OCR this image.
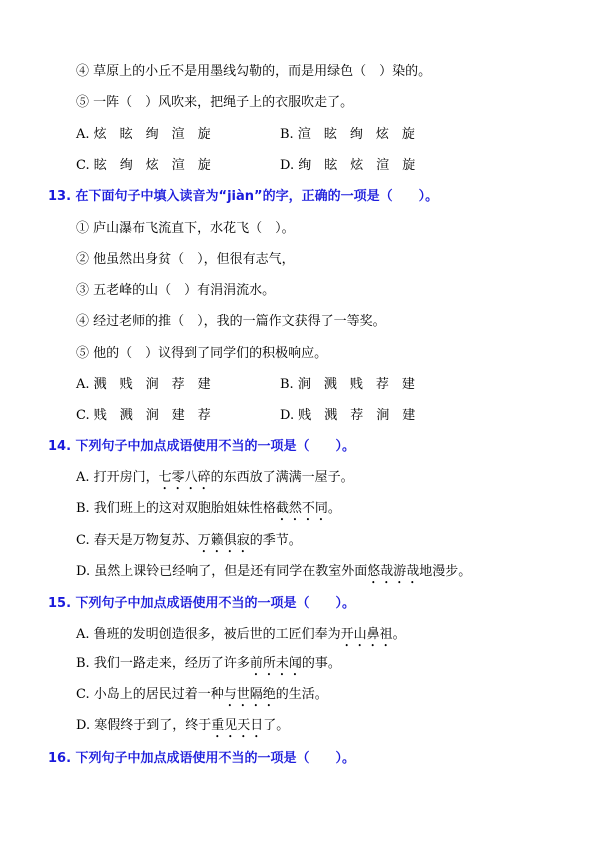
④ 草原上的小丘不是用墨线勾勒的，而是用绿色（　）染的。
⑤ 一阵（　）风吹来，把绳子上的衣服吹走了。
A. 炫　眩　绚　渲　旋	B. 渲　眩　绚　炫　旋
C. 眩　绚　炫　渲　旋	D. 绚　眩　炫　渲　旋
13. 在下面句子中填入读音为“jiàn”的字，正确的一项是（　　）。
① 庐山瀑布飞流直下，水花飞（　）。
② 他虽然出身贫（　），但很有志气，
③ 五老峰的山（　）有涓涓流水。
④ 经过老师的推（　），我的一篇作文获得了一等奖。
⑤ 他的（　）议得到了同学们的积极响应。
A. 溅　贱　涧　荐　建	B. 涧　溅　贱　荐　建
C. 贱　溅　涧　建　荐	D. 贱　溅　荐　涧　建
14. 下列句子中加点成语使用不当的一项是（　　）。
A. 打开房门，七零八碎的东西放了满满一屋子。
B. 我们班上的这对双胞胎姐妹性格截然不同。
C. 春天是万物复苏、万籁俱寂的季节。
D. 虽然上课铃已经响了，但是还有同学在教室外面悠哉游哉地漫步。
15. 下列句子中加点成语使用不当的一项是（　　）。
A. 鲁班的发明创造很多，被后世的工匠们奉为开山鼻祖。
B. 我们一路走来，经历了许多前所未闻的事。
C. 小岛上的居民过着一种与世隔绝的生活。
D. 寒假终于到了，终于重见天日了。
16. 下列句子中加点成语使用不当的一项是（　　）。
